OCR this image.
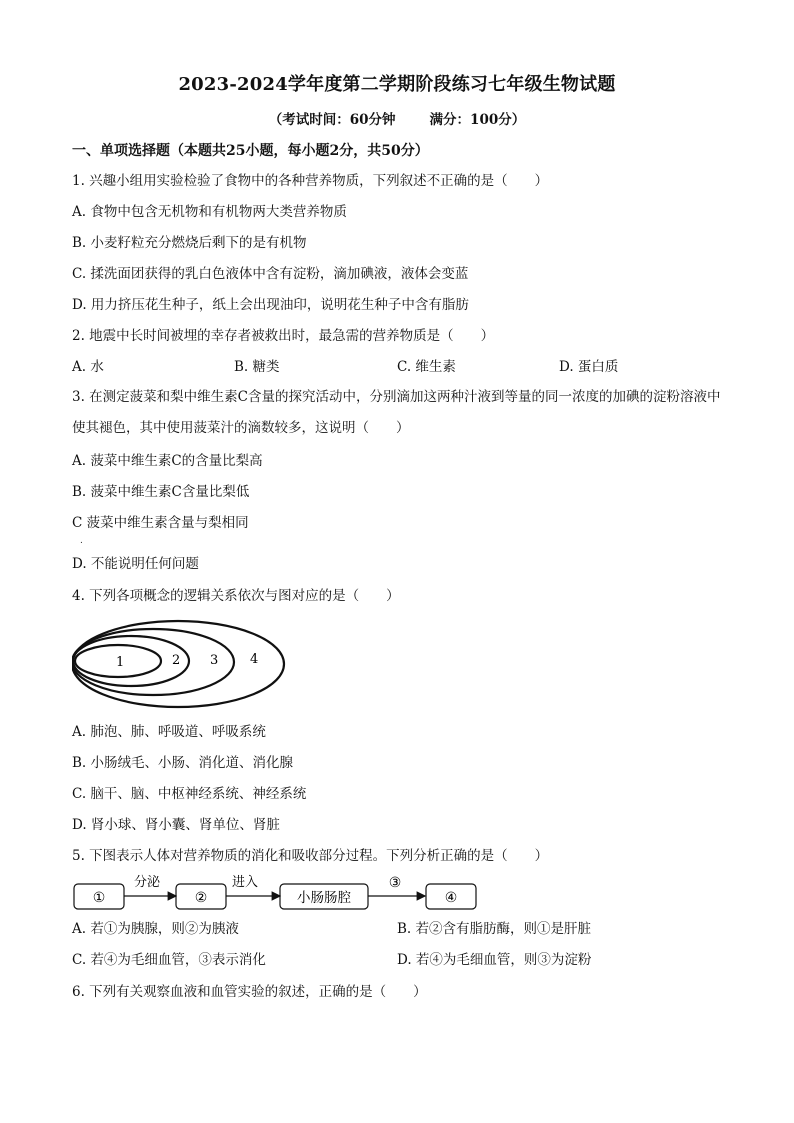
2023-2024学年度第二学期阶段练习七年级生物试题
（考试时间：60分钟	满分：100分）
一、单项选择题（本题共25小题，每小题2分，共50分）
1. 兴趣小组用实验检验了食物中的各种营养物质，下列叙述不正确的是（　　）
A. 食物中包含无机物和有机物两大类营养物质
B. 小麦籽粒充分燃烧后剩下的是有机物
C. 揉洗面团获得的乳白色液体中含有淀粉，滴加碘液，液体会变蓝
D. 用力挤压花生种子，纸上会出现油印，说明花生种子中含有脂肪
2. 地震中长时间被埋的幸存者被救出时，最急需的营养物质是（　　）
A. 水	B. 糖类	C. 维生素	D. 蛋白质
3. 在测定菠菜和梨中维生素C含量的探究活动中，分别滴加这两种汁液到等量的同一浓度的加碘的淀粉溶液中使其褪色，其中使用菠菜汁的滴数较多，这说明（　　）
A. 菠菜中维生素C的含量比梨高
B. 菠菜中维生素C含量比梨低
C 菠菜中维生素含量与梨相同
.
D. 不能说明任何问题
4. 下列各项概念的逻辑关系依次与图对应的是（　　）
1	2 3 4
A. 肺泡、肺、呼吸道、呼吸系统
B. 小肠绒毛、小肠、消化道、消化腺
C. 脑干、脑、中枢神经系统、神经系统
D. 肾小球、肾小囊、肾单位、肾脏
5. 下图表示人体对营养物质的消化和吸收部分过程。下列分析正确的是（　　）
①
分泌
②
进入
小肠肠腔
③
④
A. 若①为胰腺，则②为胰液	B. 若②含有脂肪酶，则①是肝脏
C. 若④为毛细血管，③表示消化	D. 若④为毛细血管，则③为淀粉
6. 下列有关观察血液和血管实验的叙述，正确的是（　　）
